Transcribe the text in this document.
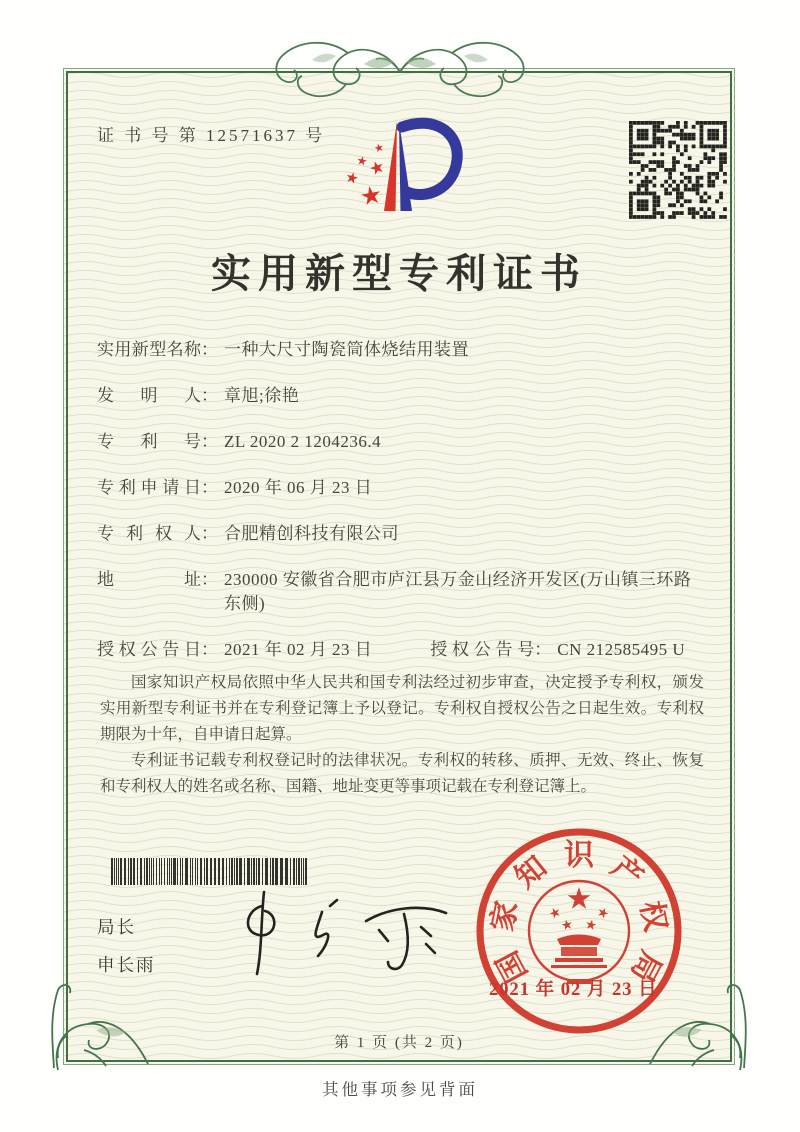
证 书 号 第 12571637 号
实用新型专利证书
实用新型名称： 一种大尺寸陶瓷筒体烧结用装置
发明人： 章旭;徐艳
专利号： ZL 2020 2 1204236.4
专利申请日： 2020 年 06 月 23 日
专利权人： 合肥精创科技有限公司
地址： 230000 安徽省合肥市庐江县万金山经济开发区(万山镇三环路东侧)
授权公告日： 2021 年 02 月 23 日	授权公告号： CN 212585495 U

国家知识产权局依照中华人民共和国专利法经过初步审查，决定授予专利权，颁发实用新型专利证书并在专利登记簿上予以登记。专利权自授权公告之日起生效。专利权期限为十年，自申请日起算。

专利证书记载专利权登记时的法律状况。专利权的转移、质押、无效、终止、恢复和专利权人的姓名或名称、国籍、地址变更等事项记载在专利登记簿上。

局长
申长雨	国
家
知 识 产
权
局
2021 年 02 月 23 日
第 1 页 (共 2 页)
其他事项参见背面
